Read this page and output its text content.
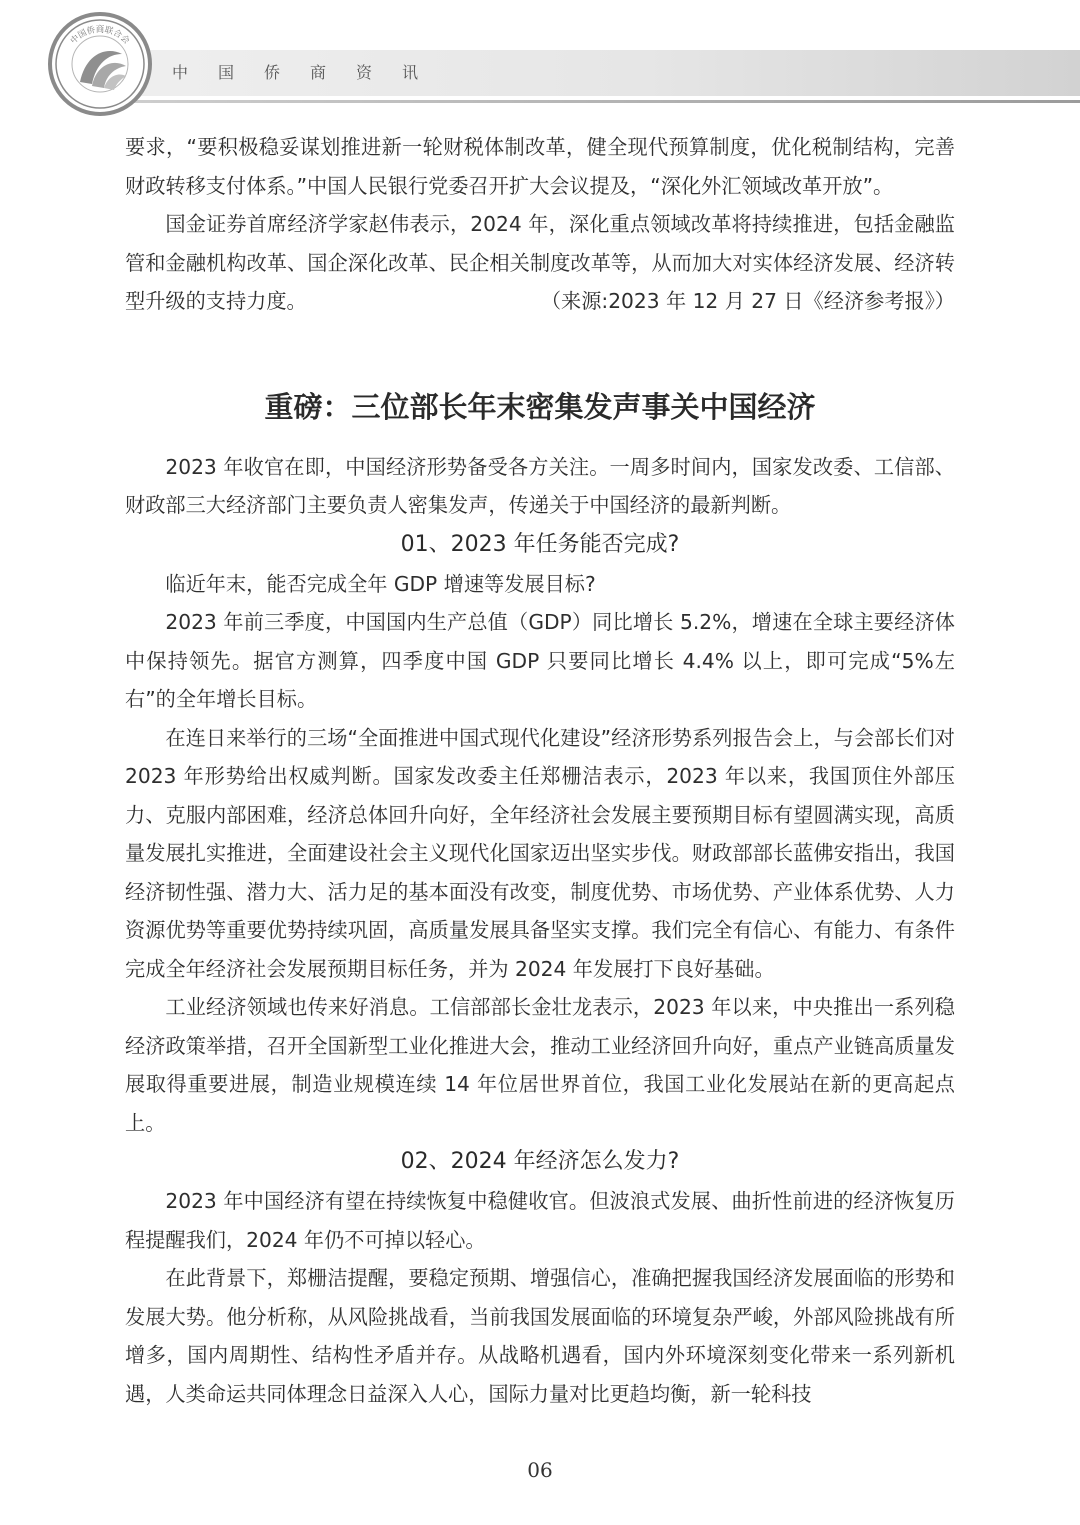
中国侨商联合会
中国侨商资讯

要求，“要积极稳妥谋划推进新一轮财税体制改革，健全现代预算制度，优化税制结构，完善财政转移支付体系。”中国人民银行党委召开扩大会议提及，“深化外汇领域改革开放”。

国金证券首席经济学家赵伟表示，2024 年，深化重点领域改革将持续推进，包括金融监管和金融机构改革、国企深化改革、民企相关制度改革等，从而加大对实体经济发展、经济转型升级的支持力度。	（来源:2023 年 12 月 27 日《经济参考报》）

重磅：三位部长年末密集发声事关中国经济

2023 年收官在即，中国经济形势备受各方关注。一周多时间内，国家发改委、工信部、财政部三大经济部门主要负责人密集发声，传递关于中国经济的最新判断。

01、2023 年任务能否完成?

临近年末，能否完成全年 GDP 增速等发展目标?

2023 年前三季度，中国国内生产总值（GDP）同比增长 5.2%，增速在全球主要经济体中保持领先。据官方测算，四季度中国 GDP 只要同比增长 4.4% 以上，即可完成“5%左右”的全年增长目标。

在连日来举行的三场“全面推进中国式现代化建设”经济形势系列报告会上，与会部长们对 2023 年形势给出权威判断。国家发改委主任郑栅洁表示，2023 年以来，我国顶住外部压力、克服内部困难，经济总体回升向好，全年经济社会发展主要预期目标有望圆满实现，高质量发展扎实推进，全面建设社会主义现代化国家迈出坚实步伐。财政部部长蓝佛安指出，我国经济韧性强、潜力大、活力足的基本面没有改变，制度优势、市场优势、产业体系优势、人力资源优势等重要优势持续巩固，高质量发展具备坚实支撑。我们完全有信心、有能力、有条件完成全年经济社会发展预期目标任务，并为 2024 年发展打下良好基础。

工业经济领域也传来好消息。工信部部长金壮龙表示，2023 年以来，中央推出一系列稳经济政策举措，召开全国新型工业化推进大会，推动工业经济回升向好，重点产业链高质量发展取得重要进展，制造业规模连续 14 年位居世界首位，我国工业化发展站在新的更高起点上。

02、2024 年经济怎么发力?

2023 年中国经济有望在持续恢复中稳健收官。但波浪式发展、曲折性前进的经济恢复历程提醒我们，2024 年仍不可掉以轻心。

在此背景下，郑栅洁提醒，要稳定预期、增强信心，准确把握我国经济发展面临的形势和发展大势。他分析称，从风险挑战看，当前我国发展面临的环境复杂严峻，外部风险挑战有所增多，国内周期性、结构性矛盾并存。从战略机遇看，国内外环境深刻变化带来一系列新机遇，人类命运共同体理念日益深入人心，国际力量对比更趋均衡，新一轮科技

06
